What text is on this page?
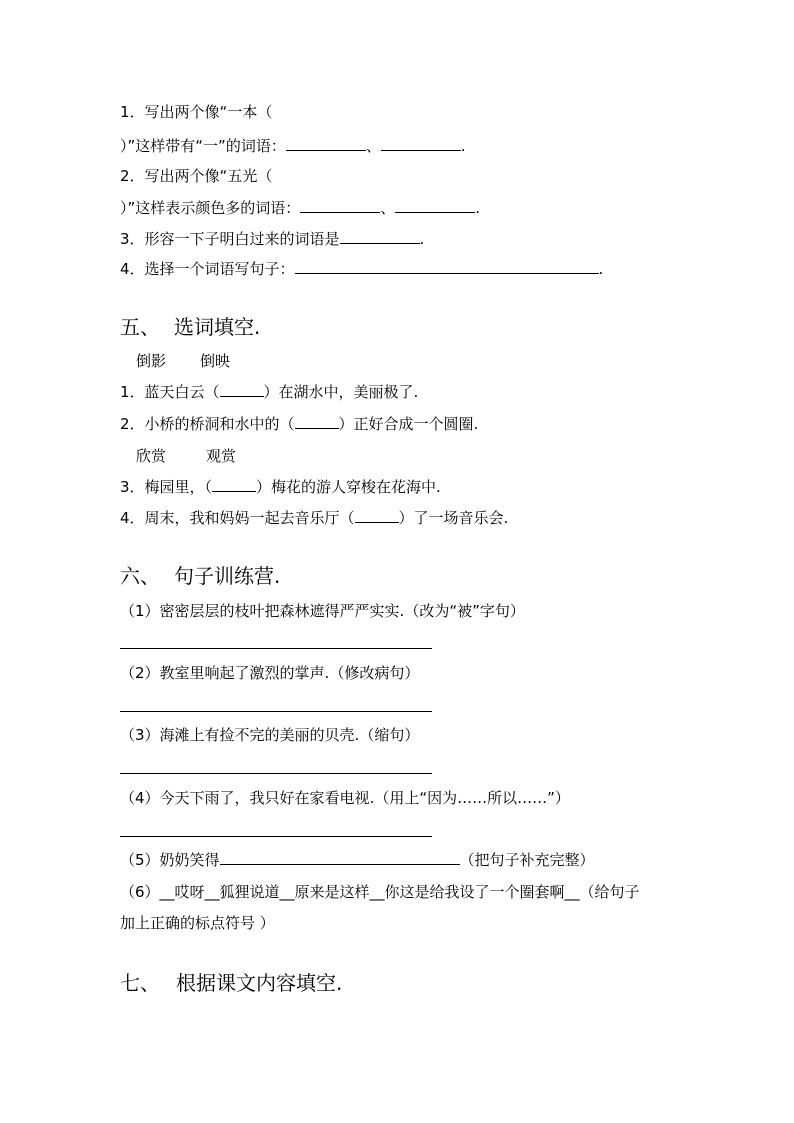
1．写出两个像“一本（
）”这样带有“一”的词语：	、	.
2．写出两个像“五光（
）”这样表示颜色多的词语：	、	.
3．形容一下子明白过来的词语是	.
4．选择一个词语写句子：	.
五、 选词填空.
倒影 倒映
1．蓝天白云（	）在湖水中，美丽极了.
2．小桥的桥洞和水中的（	）正好合成一个圆圈.
欣赏	观赏
3．梅园里，（	）梅花的游人穿梭在花海中.
4．周末，我和妈妈一起去音乐厅（	）了一场音乐会.
六、 句子训练营.
（1）密密层层的枝叶把森林遮得严严实实.（改为“被”字句）
（2）教室里响起了激烈的掌声.（修改病句）
（3）海滩上有捡不完的美丽的贝壳.（缩句）
（4）今天下雨了，我只好在家看电视.（用上“因为……所以……”）
（5）奶奶笑得	（把句子补充完整）
（6）__哎呀__狐狸说道__原来是这样__你这是给我设了一个圈套啊__（给句子
加上正确的标点符号 ）
七、 根据课文内容填空.
